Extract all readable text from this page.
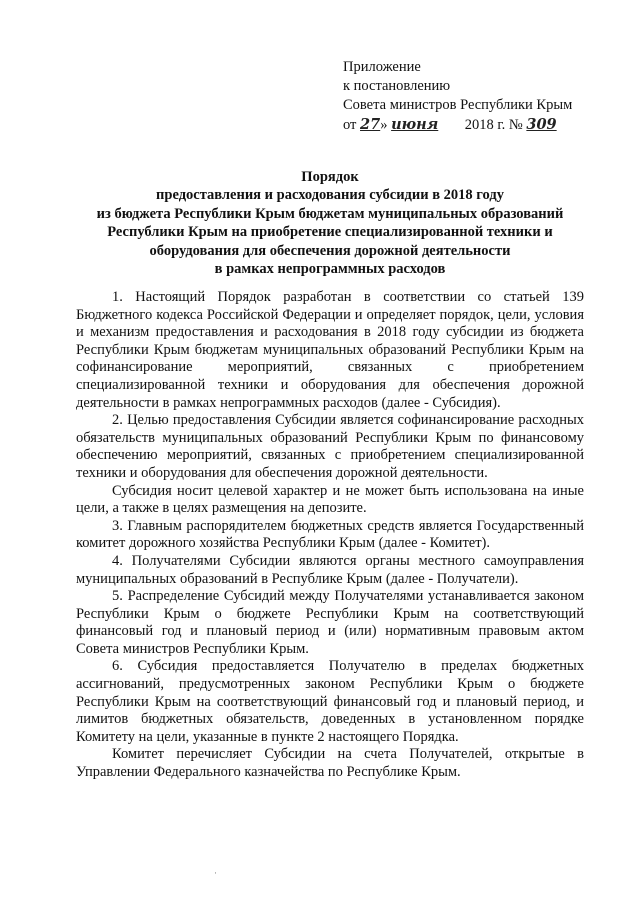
Приложение
к постановлению
Совета министров Республики Крым
от 27» июня 2018 г. № 309
Порядок
предоставления и расходования субсидии в 2018 году
из бюджета Республики Крым бюджетам муниципальных образований
Республики Крым на приобретение специализированной техники и
оборудования для обеспечения дорожной деятельности
в рамках непрограммных расходов

1. Настоящий Порядок разработан в соответствии со статьей 139 Бюджетного кодекса Российской Федерации и определяет порядок, цели, условия и механизм предоставления и расходования в 2018 году субсидии из бюджета Республики Крым бюджетам муниципальных образований Республики Крым на софинансирование мероприятий, связанных с приобретением специализированной техники и оборудования для обеспечения дорожной деятельности в рамках непрограммных расходов (далее - Субсидия).

2. Целью предоставления Субсидии является софинансирование расходных обязательств муниципальных образований Республики Крым по финансовому обеспечению мероприятий, связанных с приобретением специализированной техники и оборудования для обеспечения дорожной деятельности.

Субсидия носит целевой характер и не может быть использована на иные цели, а также в целях размещения на депозите.

3. Главным распорядителем бюджетных средств является Государственный комитет дорожного хозяйства Республики Крым (далее - Комитет).

4. Получателями Субсидии являются органы местного самоуправления муниципальных образований в Республике Крым (далее - Получатели).

5. Распределение Субсидий между Получателями устанавливается законом Республики Крым о бюджете Республики Крым на соответствующий финансовый год и плановый период и (или) нормативным правовым актом Совета министров Республики Крым.

6. Субсидия предоставляется Получателю в пределах бюджетных ассигнований, предусмотренных законом Республики Крым о бюджете Республики Крым на соответствующий финансовый год и плановый период, и лимитов бюджетных обязательств, доведенных в установленном порядке Комитету на цели, указанные в пункте 2 настоящего Порядка.

Комитет перечисляет Субсидии на счета Получателей, открытые в Управлении Федерального казначейства по Республике Крым.

·
